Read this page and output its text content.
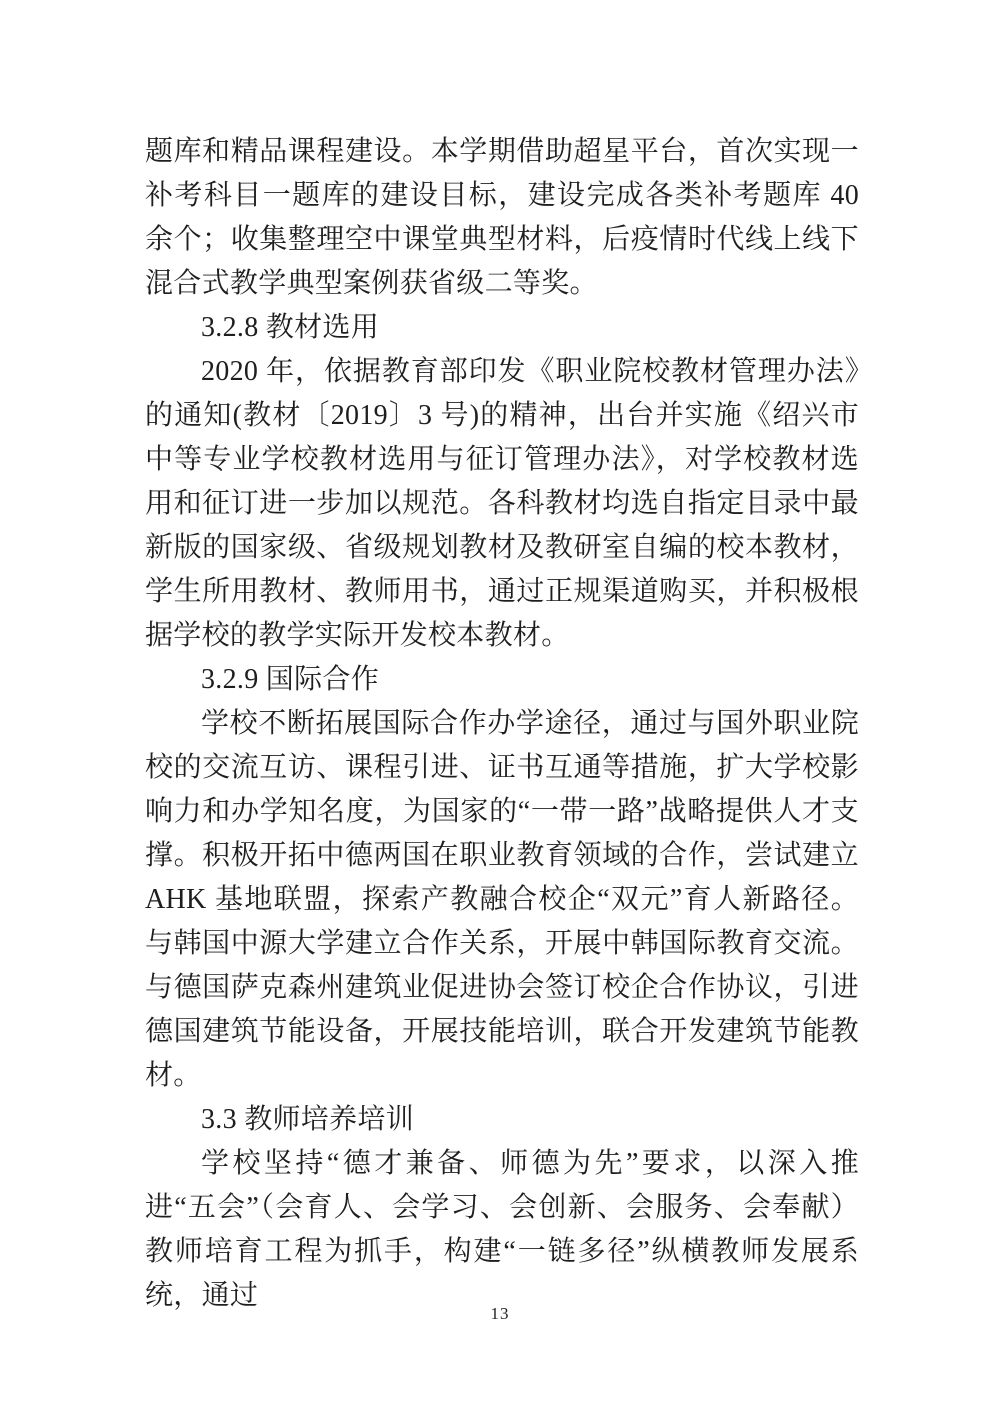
题库和精品课程建设。本学期借助超星平台，首次实现一补考科目一题库的建设目标，建设完成各类补考题库 40 余个；收集整理空中课堂典型材料，后疫情时代线上线下混合式教学典型案例获省级二等奖。

3.2.8 教材选用

2020 年，依据教育部印发《职业院校教材管理办法》的通知(教材〔2019〕3 号)的精神，出台并实施《绍兴市中等专业学校教材选用与征订管理办法》，对学校教材选用和征订进一步加以规范。各科教材均选自指定目录中最新版的国家级、省级规划教材及教研室自编的校本教材，学生所用教材、教师用书，通过正规渠道购买，并积极根据学校的教学实际开发校本教材。

3.2.9 国际合作

学校不断拓展国际合作办学途径，通过与国外职业院校的交流互访、课程引进、证书互通等措施，扩大学校影响力和办学知名度，为国家的“一带一路”战略提供人才支撑。积极开拓中德两国在职业教育领域的合作，尝试建立 AHK 基地联盟，探索产教融合校企“双元”育人新路径。与韩国中源大学建立合作关系，开展中韩国际教育交流。与德国萨克森州建筑业促进协会签订校企合作协议，引进德国建筑节能设备，开展技能培训，联合开发建筑节能教材。

3.3 教师培养培训

学校坚持“德才兼备、师德为先”要求，以深入推进“五会”（会育人、会学习、会创新、会服务、会奉献）教师培育工程为抓手，构建“一链多径”纵横教师发展系统，通过

13
